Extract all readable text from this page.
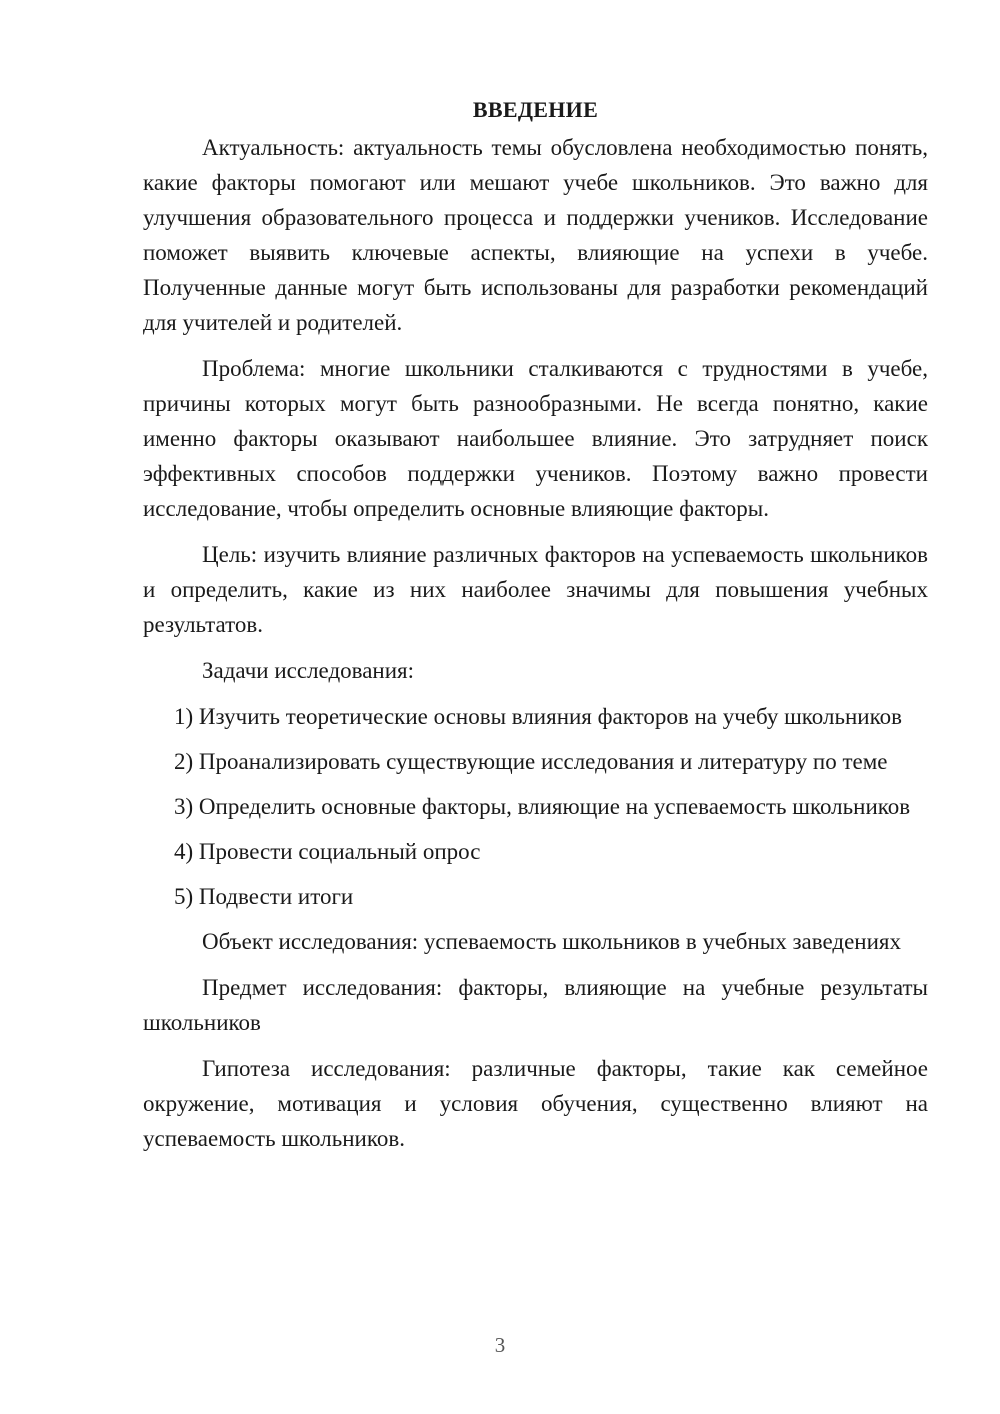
ВВЕДЕНИЕ

Актуальность: актуальность темы обусловлена необходимостью понять, какие факторы помогают или мешают учебе школьников. Это важно для улучшения образовательного процесса и поддержки учеников. Исследование поможет выявить ключевые аспекты, влияющие на успехи в учебе. Полученные данные могут быть использованы для разработки рекомендаций для учителей и родителей.

Проблема: многие школьники сталкиваются с трудностями в учебе, причины которых могут быть разнообразными. Не всегда понятно, какие именно факторы оказывают наибольшее влияние. Это затрудняет поиск эффективных способов поддержки учеников. Поэтому важно провести исследование, чтобы определить основные влияющие факторы.

Цель: изучить влияние различных факторов на успеваемость школьников и определить, какие из них наиболее значимы для повышения учебных результатов.

Задачи исследования:

1) Изучить теоретические основы влияния факторов на учебу школьников

2) Проанализировать существующие исследования и литературу по теме

3) Определить основные факторы, влияющие на успеваемость школьников

4) Провести социальный опрос

5) Подвести итоги

Объект исследования: успеваемость школьников в учебных заведениях

Предмет исследования: факторы, влияющие на учебные результаты школьников

Гипотеза исследования: различные факторы, такие как семейное окружение, мотивация и условия обучения, существенно влияют на успеваемость школьников.

3
